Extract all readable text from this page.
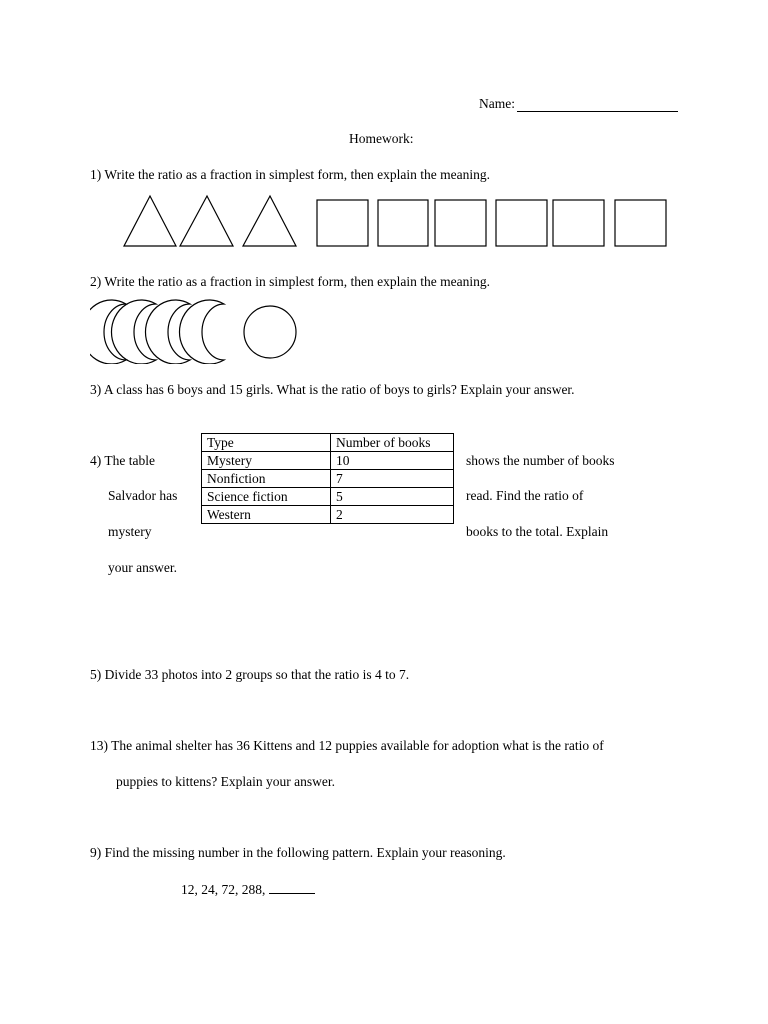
Name:
Homework:
1) Write the ratio as a fraction in simplest form, then explain the meaning.
2) Write the ratio as a fraction in simplest form, then explain the meaning.
3) A class has 6 boys and 15 girls. What is the ratio of boys to girls? Explain your answer.
4) The table
Salvador has
mystery
your answer.
shows the number of books
read. Find the ratio of
books to the total. Explain
Type	Number of books
Mystery	10
Nonfiction	7
Science fiction	5
Western	2
5) Divide 33 photos into 2 groups so that the ratio is 4 to 7.
13) The animal shelter has 36 Kittens and 12 puppies available for adoption what is the ratio of
puppies to kittens? Explain your answer.
9) Find the missing number in the following pattern. Explain your reasoning.
12, 24, 72, 288,
